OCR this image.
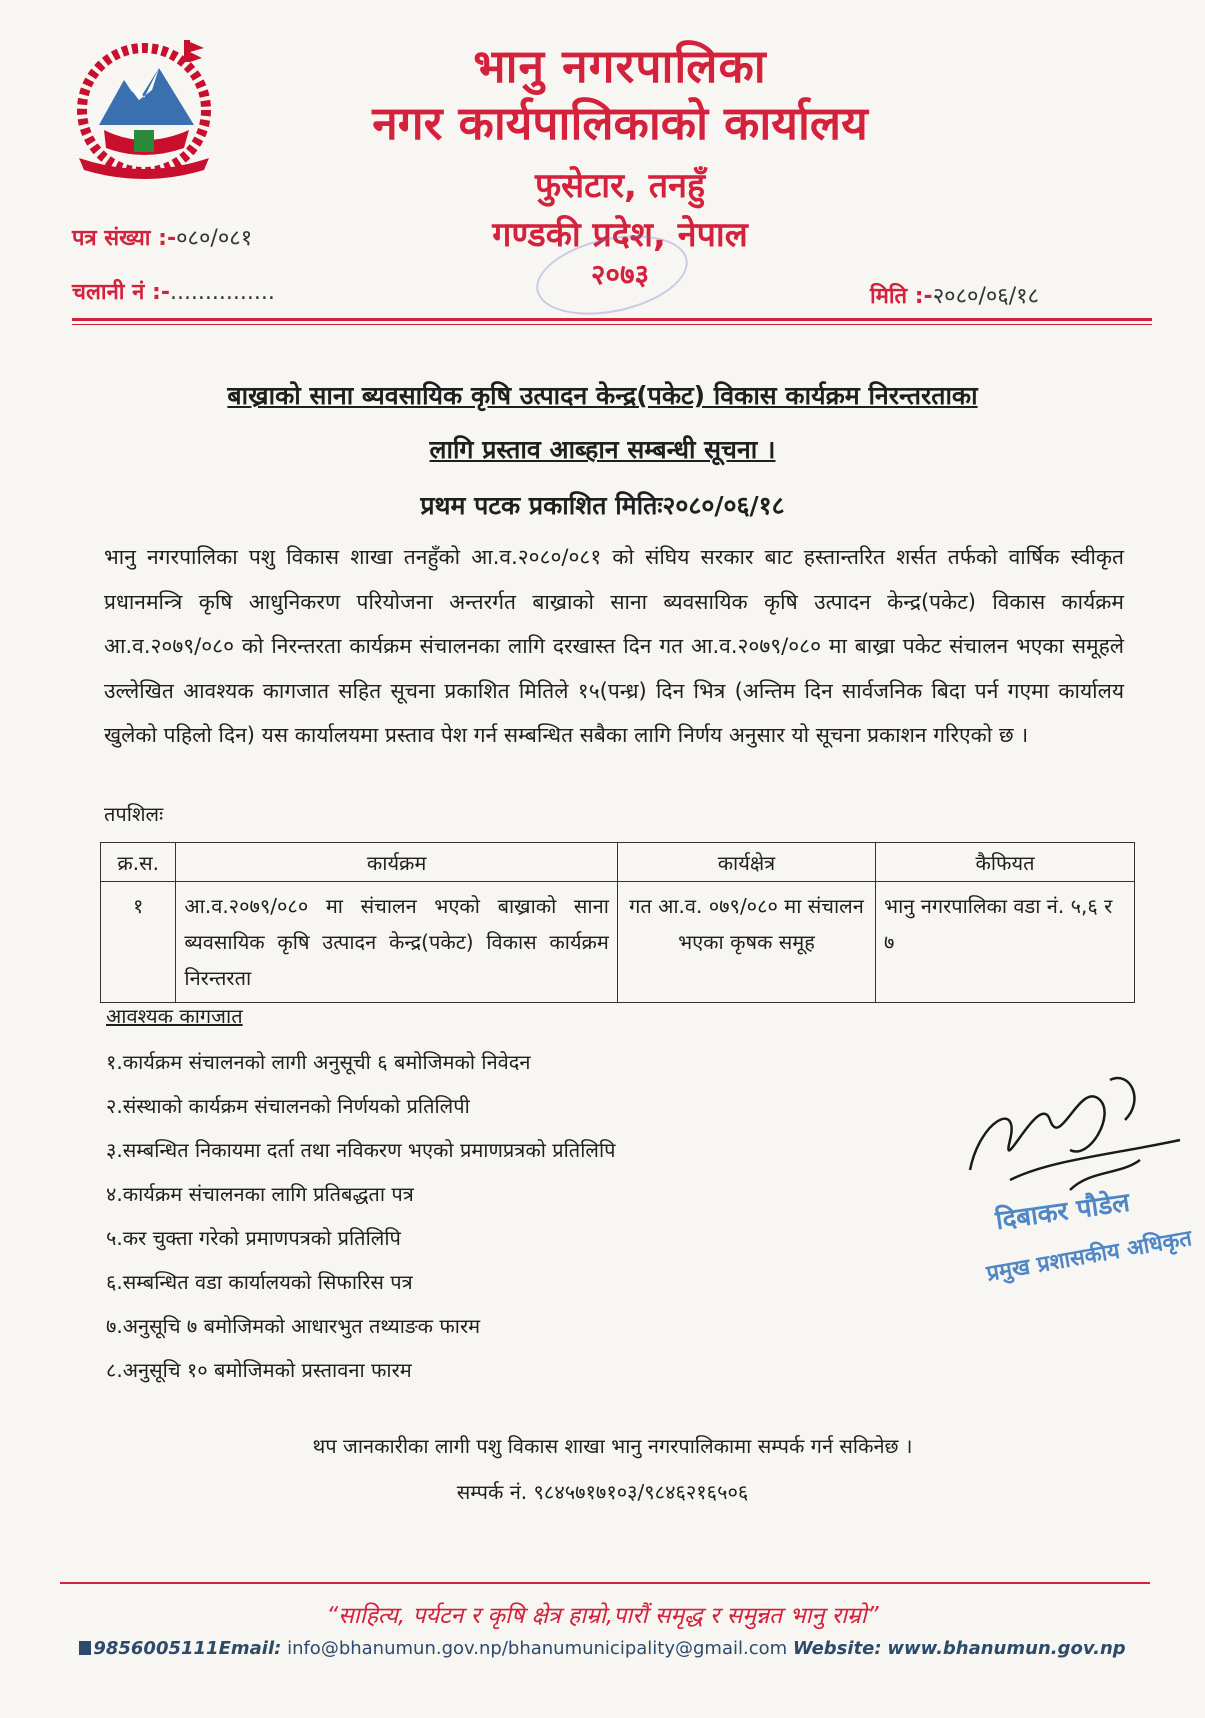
भानु नगरपालिका
नगर कार्यपालिकाको कार्यालय
फुसेटार, तनहुँ
गण्डकी प्रदेश, नेपाल
२०७३
पत्र संख्या :-०८०/०८१
चलानी नं :-...............	मिति :-२०८०/०६/१८
बाख्राको साना ब्यवसायिक कृषि उत्पादन केन्द्र(पकेट) विकास कार्यक्रम निरन्तरताका
लागि प्रस्ताव आब्हान सम्बन्धी सूचना ।
प्रथम पटक प्रकाशित मितिः२०८०/०६/१८
भानु नगरपालिका पशु विकास शाखा तनहुँको आ.व.२०८०/०८१ को संघिय सरकार बाट हस्तान्तरित शर्सत तर्फको वार्षिक स्वीकृत प्रधानमन्त्रि कृषि आधुनिकरण परियोजना अन्तरर्गत बाख्राको साना ब्यवसायिक कृषि उत्पादन केन्द्र(पकेट) विकास कार्यक्रम आ.व.२०७९/०८० को निरन्तरता कार्यक्रम संचालनका लागि दरखास्त दिन गत आ.व.२०७९/०८० मा बाख्रा पकेट संचालन भएका समूहले उल्लेखित आवश्यक कागजात सहित सूचना प्रकाशित मितिले १५(पन्ध्र) दिन भित्र (अन्तिम दिन सार्वजनिक बिदा पर्न गएमा कार्यालय खुलेको पहिलो दिन) यस कार्यालयमा प्रस्ताव पेश गर्न सम्बन्धित सबैका लागि निर्णय अनुसार यो सूचना प्रकाशन गरिएको छ ।
तपशिलः
क्र.स.	कार्यक्रम	कार्यक्षेत्र	कैफियत
१	आ.व.२०७९/०८० मा संचालन भएको बाख्राको साना ब्यवसायिक कृषि उत्पादन केन्द्र(पकेट) विकास कार्यक्रम निरन्तरता	गत आ.व. ०७९/०८० मा संचालन भएका कृषक समूह	भानु नगरपालिका वडा नं. ५,६ र ७
आवश्यक कागजात
१.कार्यक्रम संचालनको लागी अनुसूची ६ बमोजिमको निवेदन
२.संस्थाको कार्यक्रम संचालनको निर्णयको प्रतिलिपी
३.सम्बन्धित निकायमा दर्ता तथा नविकरण भएको प्रमाणप्रत्रको प्रतिलिपि
४.कार्यक्रम संचालनका लागि प्रतिबद्धता पत्र
५.कर चुक्ता गरेको प्रमाणपत्रको प्रतिलिपि
६.सम्बन्धित वडा कार्यालयको सिफारिस पत्र
७.अनुसूचि ७ बमोजिमको आधारभुत तथ्याङक फारम
८.अनुसूचि १० बमोजिमको प्रस्तावना फारम
दिबाकर पौडेल
प्रमुख प्रशासकीय अधिकृत
थप जानकारीका लागी पशु विकास शाखा भानु नगरपालिकामा सम्पर्क गर्न सकिनेछ ।
सम्पर्क नं. ९८४५७१७१०३/९८४६२१६५०६
“साहित्य, पर्यटन र कृषि क्षेत्र हाम्रो,पारौं समृद्ध र समुन्नत भानु राम्रो”
9856005111Email: info@bhanumun.gov.np/bhanumunicipality@gmail.com Website: www.bhanumun.gov.np
